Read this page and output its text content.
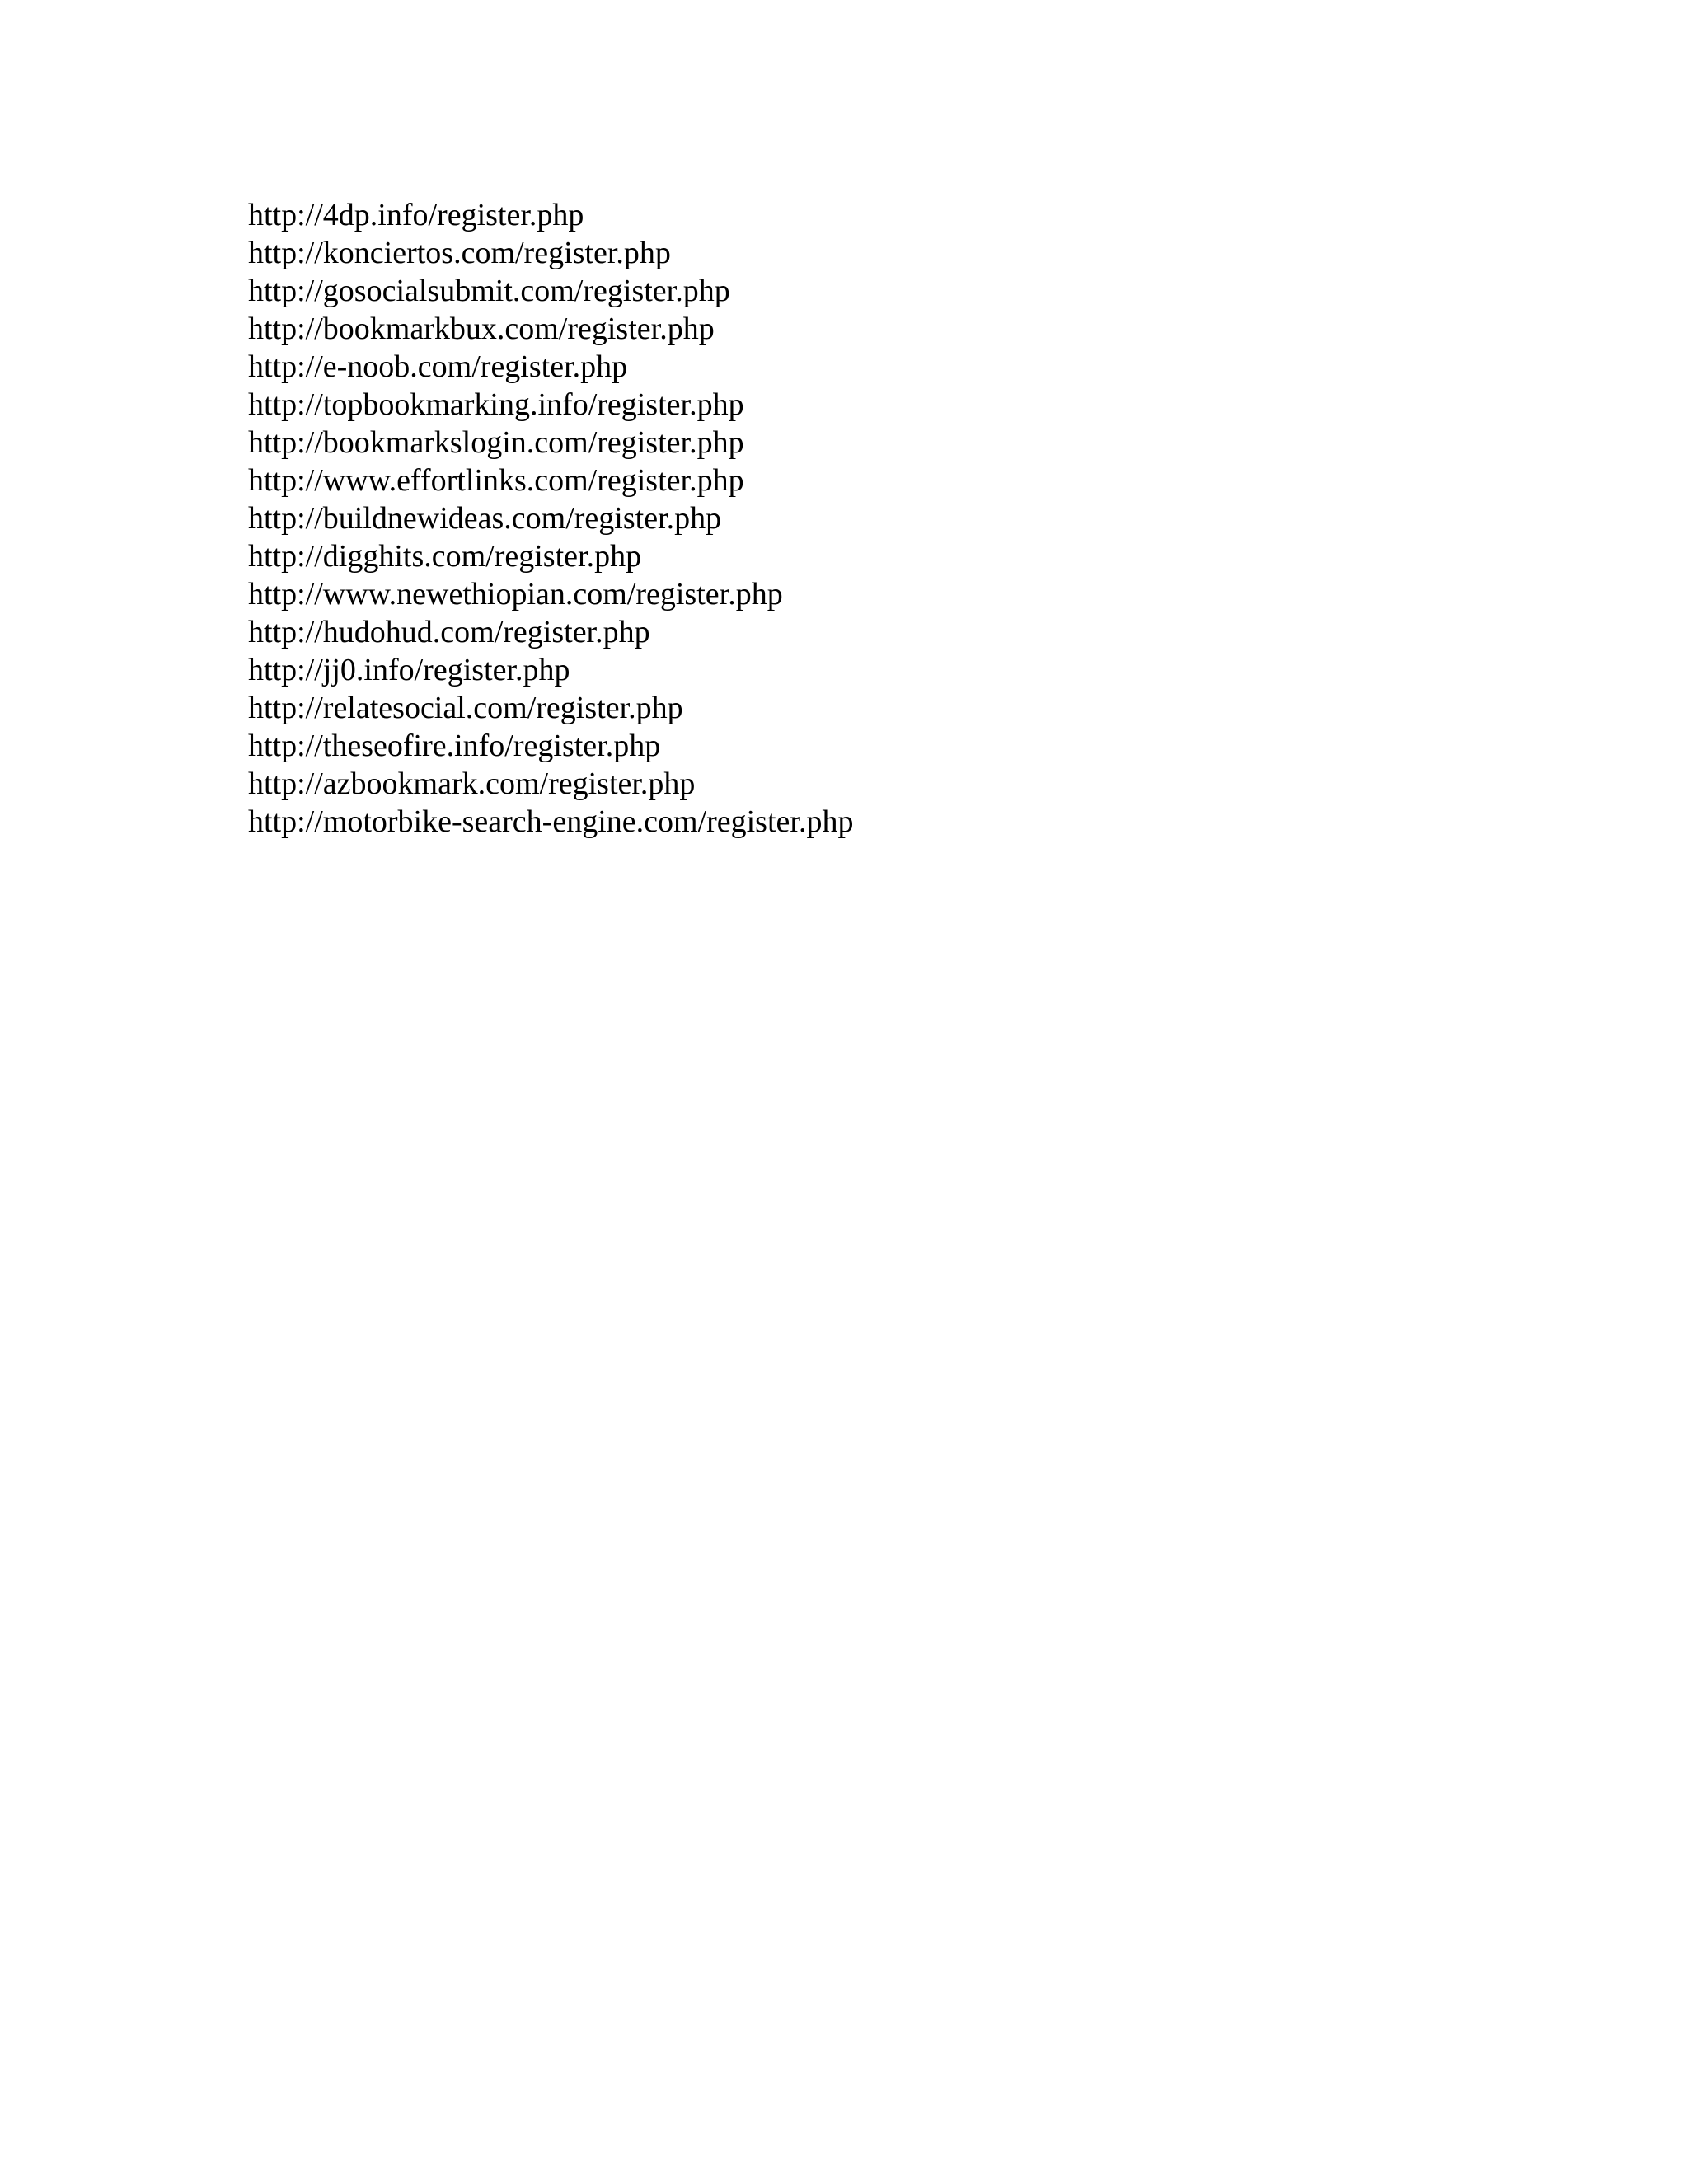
http://4dp.info/register.php
http://konciertos.com/register.php
http://gosocialsubmit.com/register.php
http://bookmarkbux.com/register.php
http://e-noob.com/register.php
http://topbookmarking.info/register.php
http://bookmarkslogin.com/register.php
http://www.effortlinks.com/register.php
http://buildnewideas.com/register.php
http://digghits.com/register.php
http://www.newethiopian.com/register.php
http://hudohud.com/register.php
http://jj0.info/register.php
http://relatesocial.com/register.php
http://theseofire.info/register.php
http://azbookmark.com/register.php
http://motorbike-search-engine.com/register.php
